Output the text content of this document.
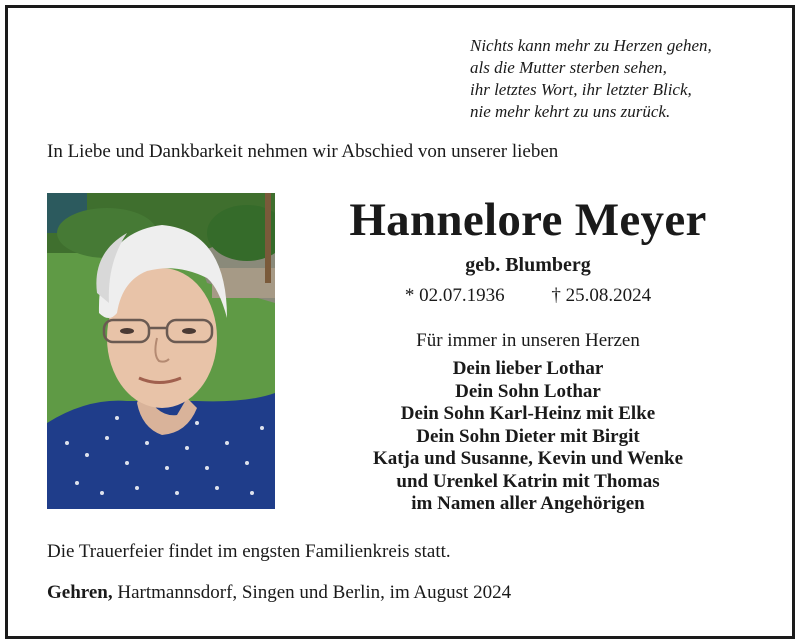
Nichts kann mehr zu Herzen gehen,
als die Mutter sterben sehen,
ihr letztes Wort, ihr letzter Blick,
nie mehr kehrt zu uns zurück.
In Liebe und Dankbarkeit nehmen wir Abschied von unserer lieben
Hannelore Meyer
geb. Blumberg
* 02.07.1936 † 25.08.2024
Für immer in unseren Herzen
Dein lieber Lothar
Dein Sohn Lothar
Dein Sohn Karl-Heinz mit Elke
Dein Sohn Dieter mit Birgit
Katja und Susanne, Kevin und Wenke
und Urenkel Katrin mit Thomas
im Namen aller Angehörigen
Die Trauerfeier findet im engsten Familienkreis statt.
Gehren, Hartmannsdorf, Singen und Berlin, im August 2024
